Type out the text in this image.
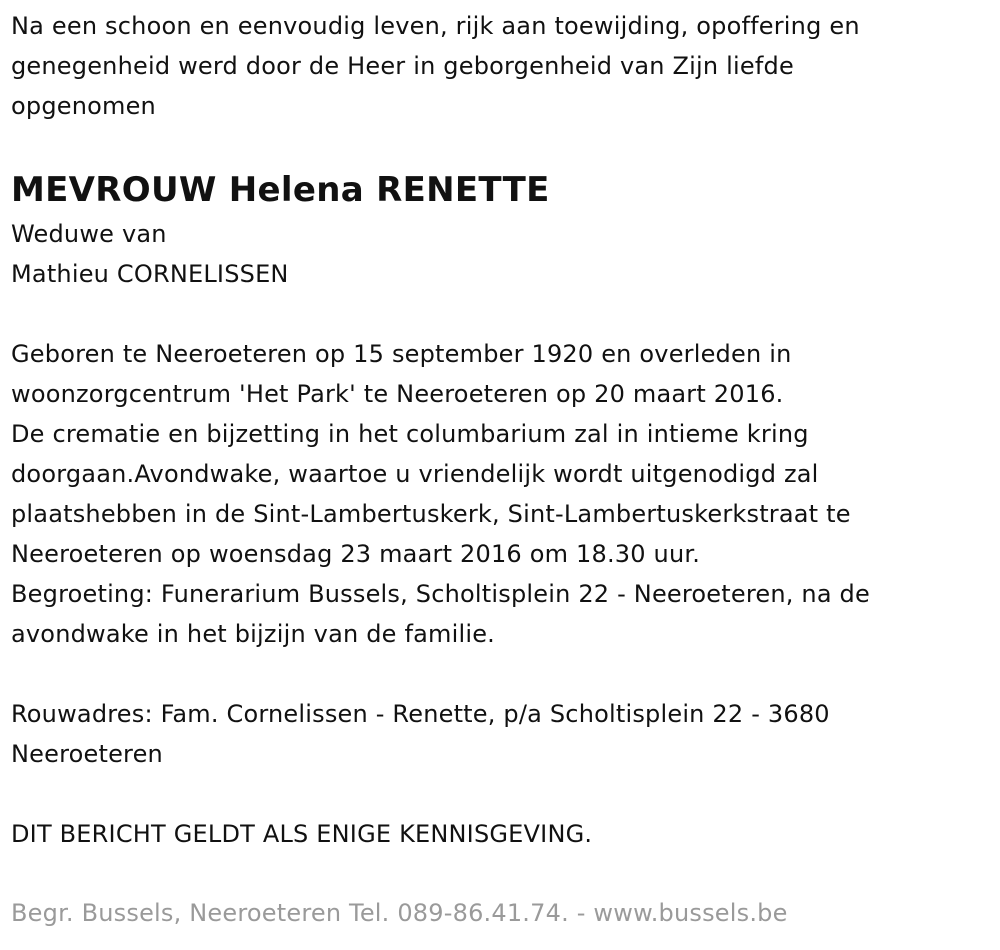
Na een schoon en eenvoudig leven, rijk aan toewijding, opoffering en
genegenheid werd door de Heer in geborgenheid van Zijn liefde
opgenomen
MEVROUW Helena RENETTE
Weduwe van
Mathieu CORNELISSEN
Geboren te Neeroeteren op 15 september 1920 en overleden in
woonzorgcentrum 'Het Park' te Neeroeteren op 20 maart 2016.
De crematie en bijzetting in het columbarium zal in intieme kring
doorgaan.Avondwake, waartoe u vriendelijk wordt uitgenodigd zal
plaatshebben in de Sint-Lambertuskerk, Sint-Lambertuskerkstraat te
Neeroeteren op woensdag 23 maart 2016 om 18.30 uur.
Begroeting: Funerarium Bussels, Scholtisplein 22 - Neeroeteren, na de
avondwake in het bijzijn van de familie.
Rouwadres: Fam. Cornelissen - Renette, p/a Scholtisplein 22 - 3680
Neeroeteren
DIT BERICHT GELDT ALS ENIGE KENNISGEVING.
Begr. Bussels, Neeroeteren Tel. 089-86.41.74. - www.bussels.be
